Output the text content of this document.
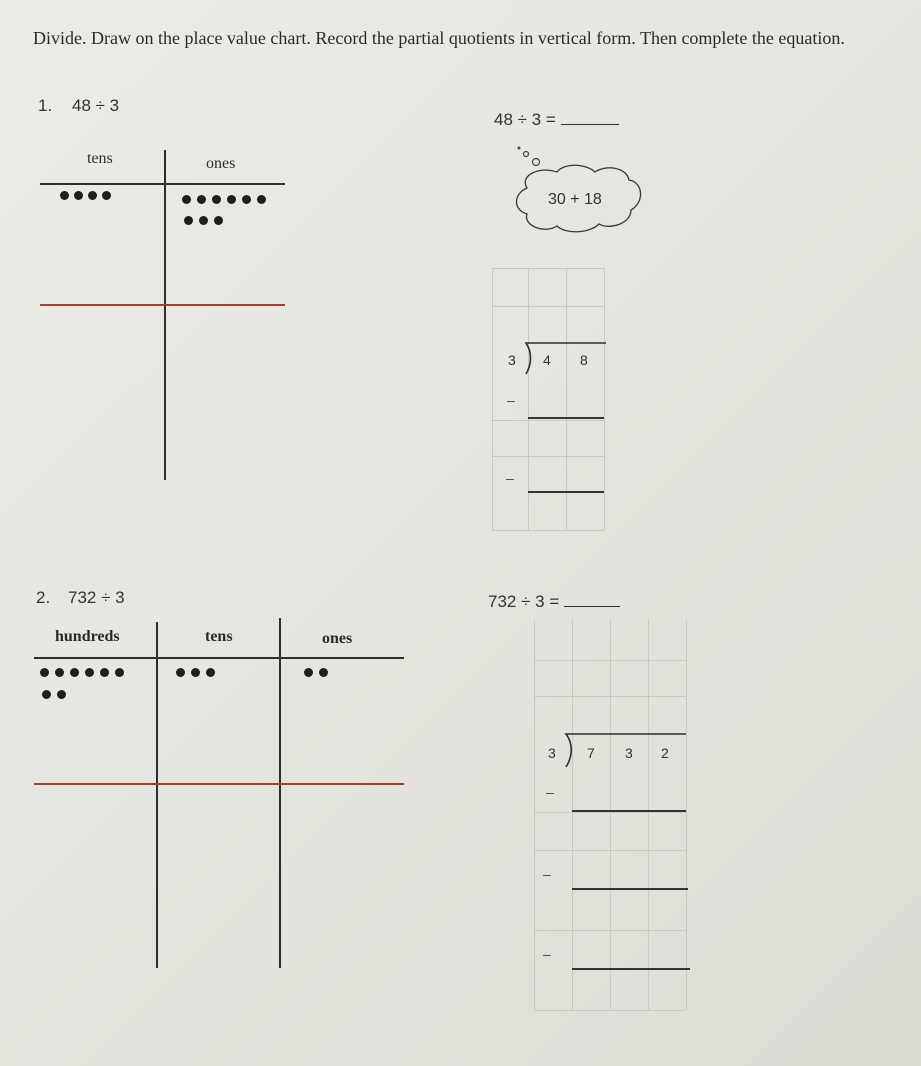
Divide. Draw on the place value chart. Record the partial quotients in vertical form. Then complete the equation.
1. 48 ÷ 3
48 ÷ 3 =
30 + 18
tens	ones
3 4 8
–
–
2. 732 ÷ 3	732 ÷ 3 =
hundreds	tens	ones
3 7 3 2
–
–
–
